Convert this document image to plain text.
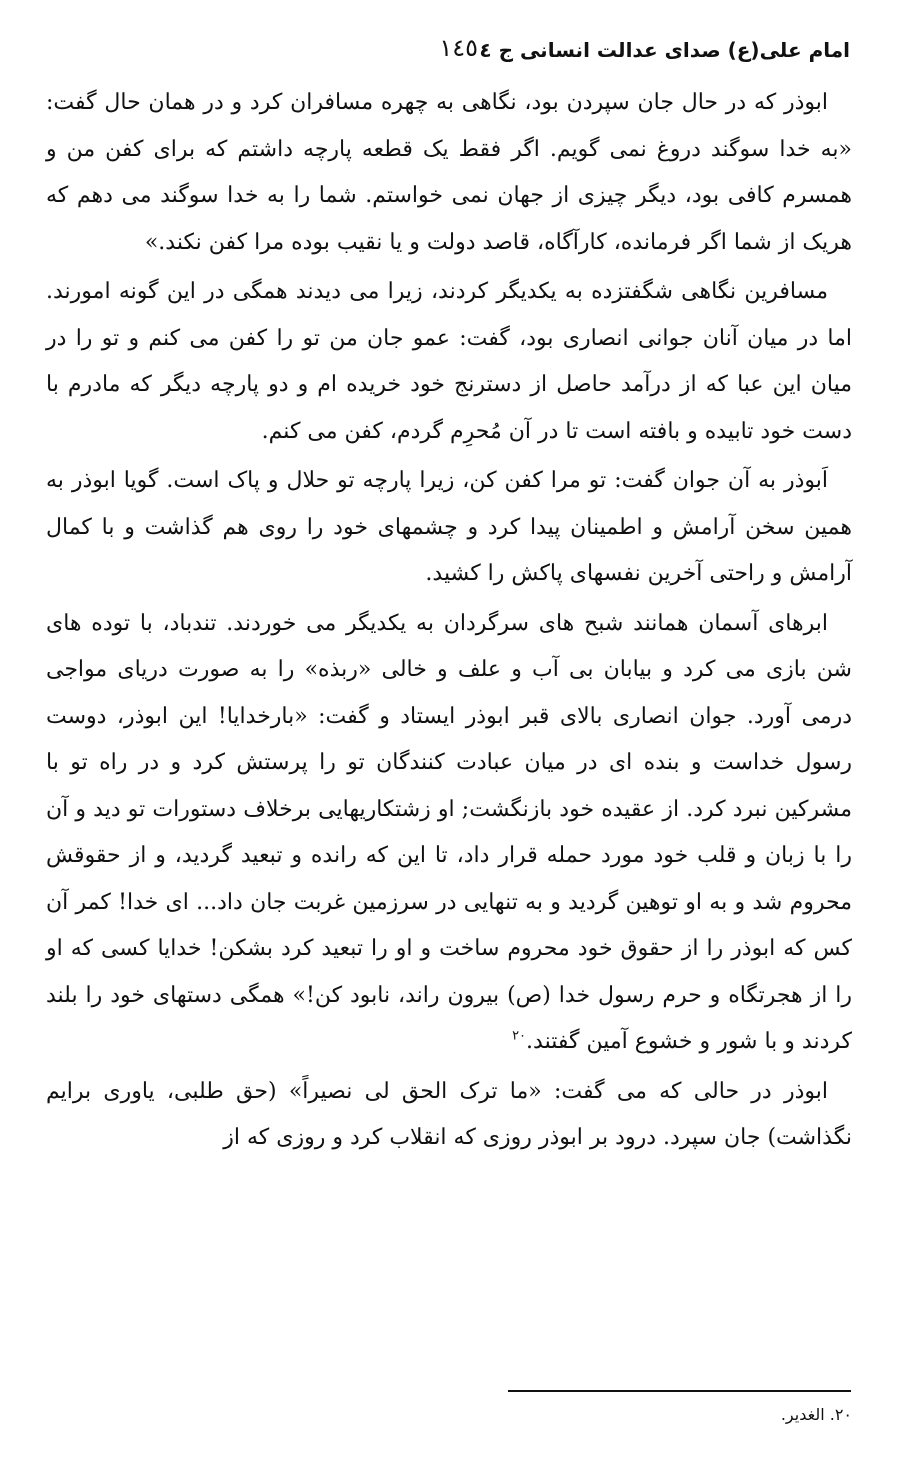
امام علی(ع) صدای عدالت انسانی ج ٤
١٤٥

ابوذر که در حال جان سپردن بود، نگاهی به چهره مسافران کرد و در همان حال گفت: «به خدا سوگند دروغ نمی گویم. اگر فقط یک قطعه پارچه داشتم که برای کفن من و همسرم کافی بود، دیگر چیزی از جهان نمی خواستم. شما را به خدا سوگند می دهم که هریک از شما اگر فرمانده، کارآگاه، قاصد دولت و یا نقیب بوده مرا کفن نکند.»

مسافرین نگاهی شگفتزده به یکدیگر کردند، زیرا می دیدند همگی در این گونه امورند. اما در میان آنان جوانی انصاری بود، گفت: عمو جان من تو را کفن می کنم و تو را در میان این عبا که از درآمد حاصل از دسترنج خود خریده ام و دو پارچه دیگر که مادرم با دست خود تابیده و بافته است تا در آن مُحرِم گردم، کفن می کنم.

اَبوذر به آن جوان گفت: تو مرا کفن کن، زیرا پارچه تو حلال و پاک است. گویا ابوذر به همین سخن آرامش و اطمینان پیدا کرد و چشمهای خود را روی هم گذاشت و با کمال آرامش و راحتی آخرین نفسهای پاکش را کشید.

ابرهای آسمان همانند شبح های سرگردان به یکدیگر می خوردند. تندباد، با توده های شن بازی می کرد و بیابان بی آب و علف و خالی «ربذه» را به صورت دریای مواجی درمی آورد. جوان انصاری بالای قبر ابوذر ایستاد و گفت: «بارخدایا! این ابوذر، دوست رسول خداست و بنده ای در میان عبادت کنندگان تو را پرستش کرد و در راه تو با مشرکین نبرد کرد. از عقیده خود بازنگشت; او زشتکاریهایی برخلاف دستورات تو دید و آن را با زبان و قلب خود مورد حمله قرار داد، تا این که رانده و تبعید گردید، و از حقوقش محروم شد و به او توهین گردید و به تنهایی در سرزمین غربت جان داد... ای خدا! کمر آن کس که ابوذر را از حقوق خود محروم ساخت و او را تبعید کرد بشکن! خدایا کسی که او را از هجرتگاه و حرم رسول خدا (ص) بیرون راند، نابود کن!» همگی دستهای خود را بلند کردند و با شور و خشوع آمین گفتند.$^{٢٠}$

ابوذر در حالی که می گفت: «ما ترک الحق لی نصیراً» (حق طلبی، یاوری برایم نگذاشت) جان سپرد. درود بر ابوذر روزی که انقلاب کرد و روزی که از

٢٠. الغدیر.
